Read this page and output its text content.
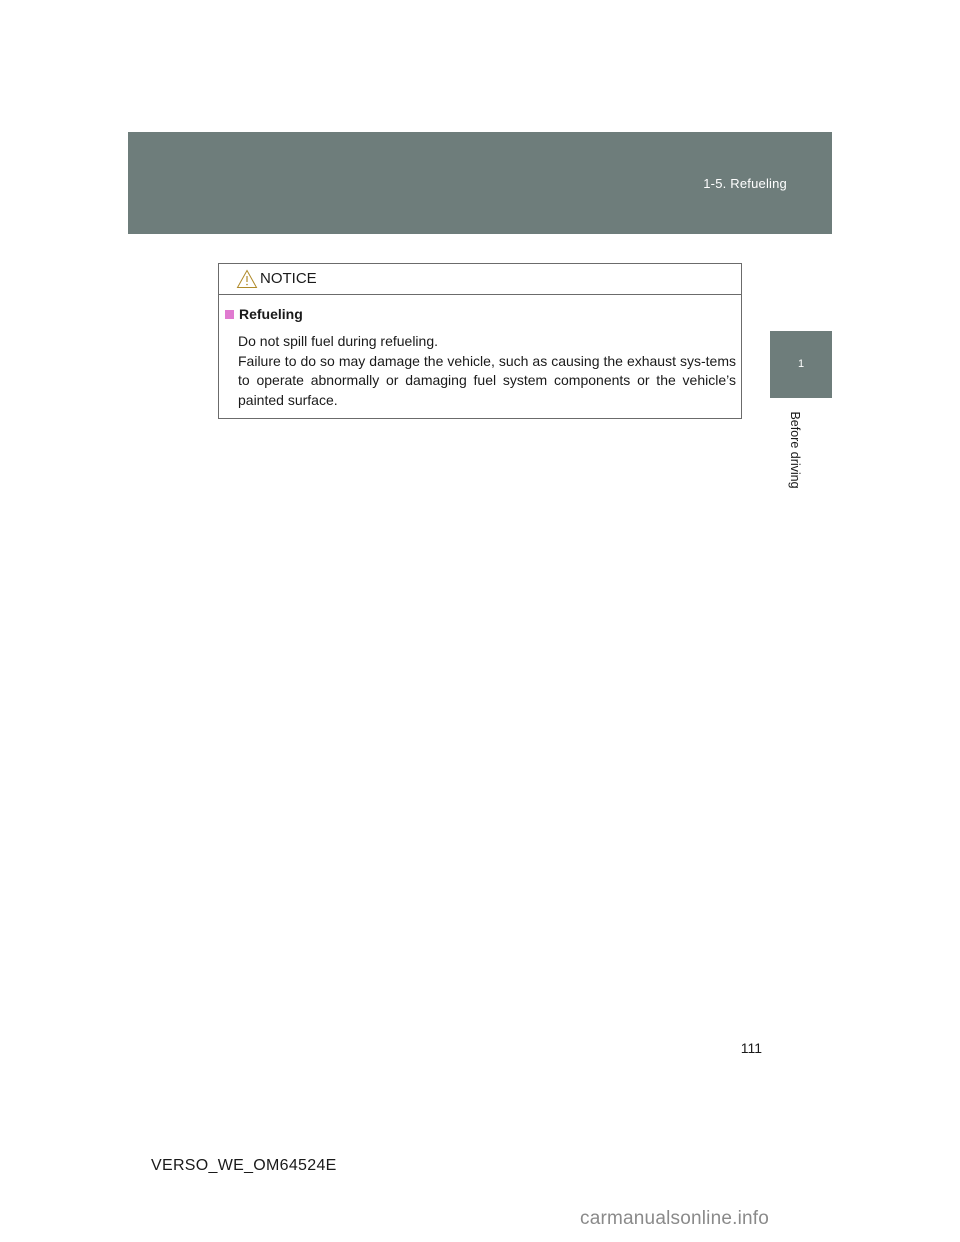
1-5. Refueling
1
Before driving
NOTICE
Refueling

Do not spill fuel during refueling.

Failure to do so may damage the vehicle, such as causing the exhaust sys-tems to operate abnormally or damaging fuel system components or the vehicle’s painted surface.

111
VERSO_WE_OM64524E
carmanualsonline.info
